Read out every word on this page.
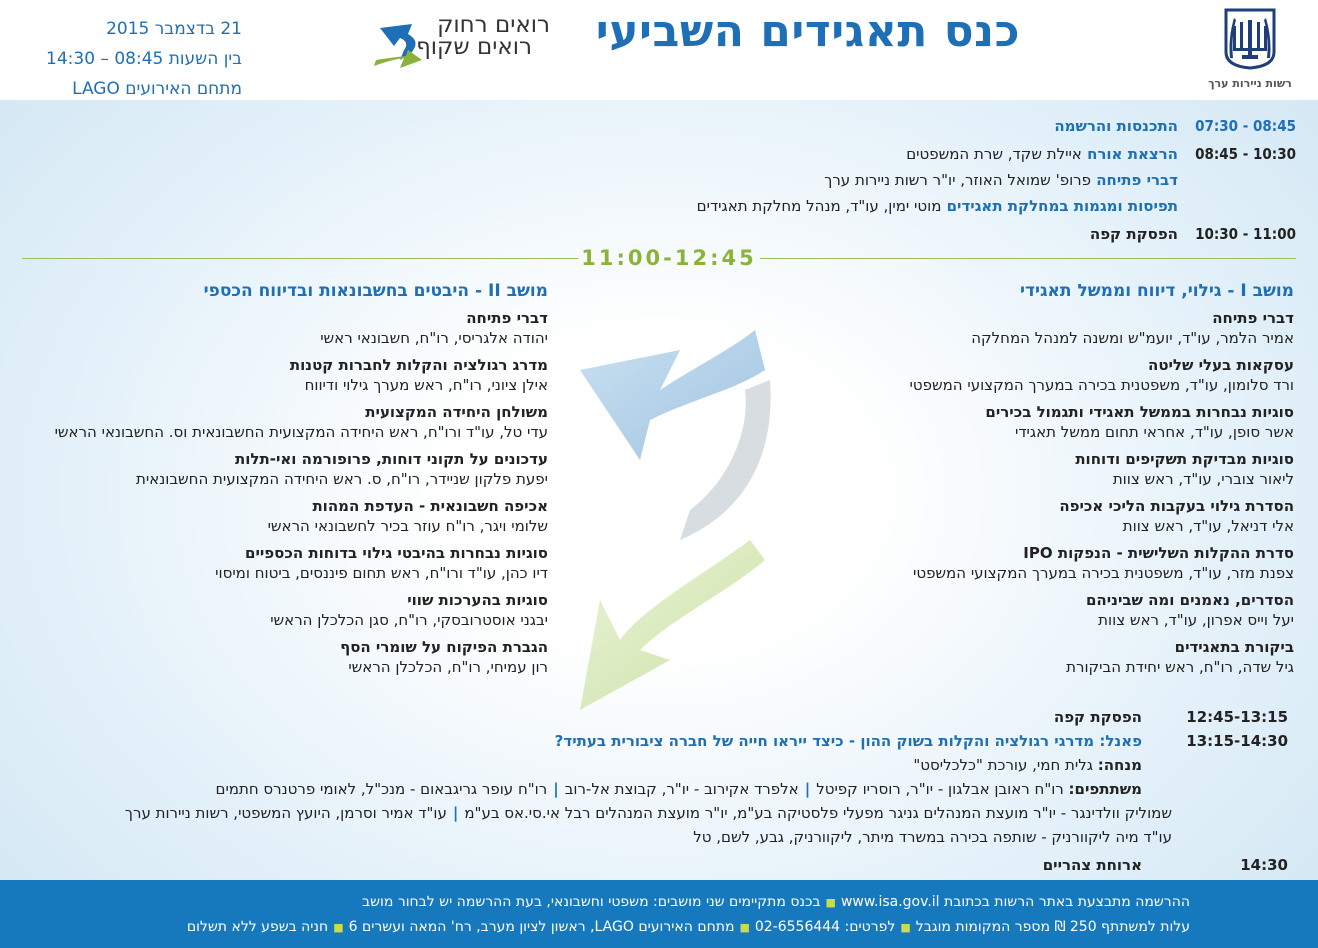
רשות ניירות ערך
כנס תאגידים השביעי
רואים רחוק
רואים שקוף
21 בדצמבר 2015
בין השעות 08:45 – 14:30
מתחם האירועים LAGO
08:45 - 07:30התכנסות והרשמה
10:30 - 08:45הרצאת אורח איילת שקד, שרת המשפטים
דברי פתיחה פרופ' שמואל האוזר, יו"ר רשות ניירות ערך
תפיסות ומגמות במחלקת תאגידים מוטי ימין, עו"ד, מנהל מחלקת תאגידים
11:00 - 10:30הפסקת קפה
11:00-12:45
מושב I - גילוי, דיווח וממשל תאגידי
דברי פתיחה
אמיר הלמר, עו"ד, יועמ"ש ומשנה למנהל המחלקה
עסקאות בעלי שליטה
ורד סלומון, עו"ד, משפטנית בכירה במערך המקצועי המשפטי
סוגיות נבחרות בממשל תאגידי ותגמול בכירים
אשר סופן, עו"ד, אחראי תחום ממשל תאגידי
סוגיות מבדיקת תשקיפים ודוחות
ליאור צוברי, עו"ד, ראש צוות
הסדרת גילוי בעקבות הליכי אכיפה
אלי דניאל, עו"ד, ראש צוות
סדרת ההקלות השלישית - הנפקות IPO
צפנת מזר, עו"ד, משפטנית בכירה במערך המקצועי המשפטי
הסדרים, נאמנים ומה שביניהם
יעל וייס אפרון, עו"ד, ראש צוות
ביקורת בתאגידים
גיל שדה, רו"ח, ראש יחידת הביקורת
מושב II - היבטים בחשבונאות ובדיווח הכספי
דברי פתיחה
יהודה אלגריסי, רו"ח, חשבונאי ראשי
מדרג רגולציה והקלות לחברות קטנות
אילן ציוני, רו"ח, ראש מערך גילוי ודיווח
משולחן היחידה המקצועית
עדי טל, עו"ד ורו"ח, ראש היחידה המקצועית החשבונאית וס. החשבונאי הראשי
עדכונים על תקוני דוחות, פרופורמה ואי-תלות
יפעת פלקון שניידר, רו"ח, ס. ראש היחידה המקצועית החשבונאית
אכיפה חשבונאית - העדפת המהות
שלומי ויגר, רו"ח עוזר בכיר לחשבונאי הראשי
סוגיות נבחרות בהיבטי גילוי בדוחות הכספיים
דיו כהן, עו"ד ורו"ח, ראש תחום פיננסים, ביטוח ומיסוי
סוגיות בהערכות שווי
יבגני אוסטרובסקי, רו"ח, סגן הכלכלן הראשי
הגברת הפיקוח על שומרי הסף
רון עמיחי, רו"ח, הכלכלן הראשי
12:45-13:15הפסקת קפה
13:15-14:30פאנל: מדרגי רגולציה והקלות בשוק ההון - כיצד ייראו חייה של חברה ציבורית בעתיד?
מנחה: גלית חמי, עורכת "כלכליסט"
משתתפים: רו"ח ראובן אבלגון - יו"ר, רוסריו קפיטל|אלפרד אקירוב - יו"ר, קבוצת אל-רוב|רו"ח עופר גריגבאום - מנכ"ל, לאומי פרטנרס חתמים
שמוליק וולדינגר - יו"ר מועצת המנהלים גניגר מפעלי פלסטיקה בע"מ, יו"ר מועצת המנהלים רבל אי.סי.אס בע"מ|עו"ד אמיר וסרמן, היועץ המשפטי, רשות ניירות ערך
עו"ד מיה ליקוורניק - שותפה בכירה במשרד מיתר, ליקוורניק, גבע, לשם, טל
14:30ארוחת צהריים
ההרשמה מתבצעת באתר הרשות בכתובת www.isa.gov.il■בכנס מתקיימים שני מושבים: משפטי וחשבונאי, בעת ההרשמה יש לבחור מושב
עלות למשתתף 250 ₪ מספר המקומות מוגבל■לפרטים: 02-6556444■מתחם האירועים LAGO, ראשון לציון מערב, רח' המאה ועשרים 6■חניה בשפע ללא תשלום
